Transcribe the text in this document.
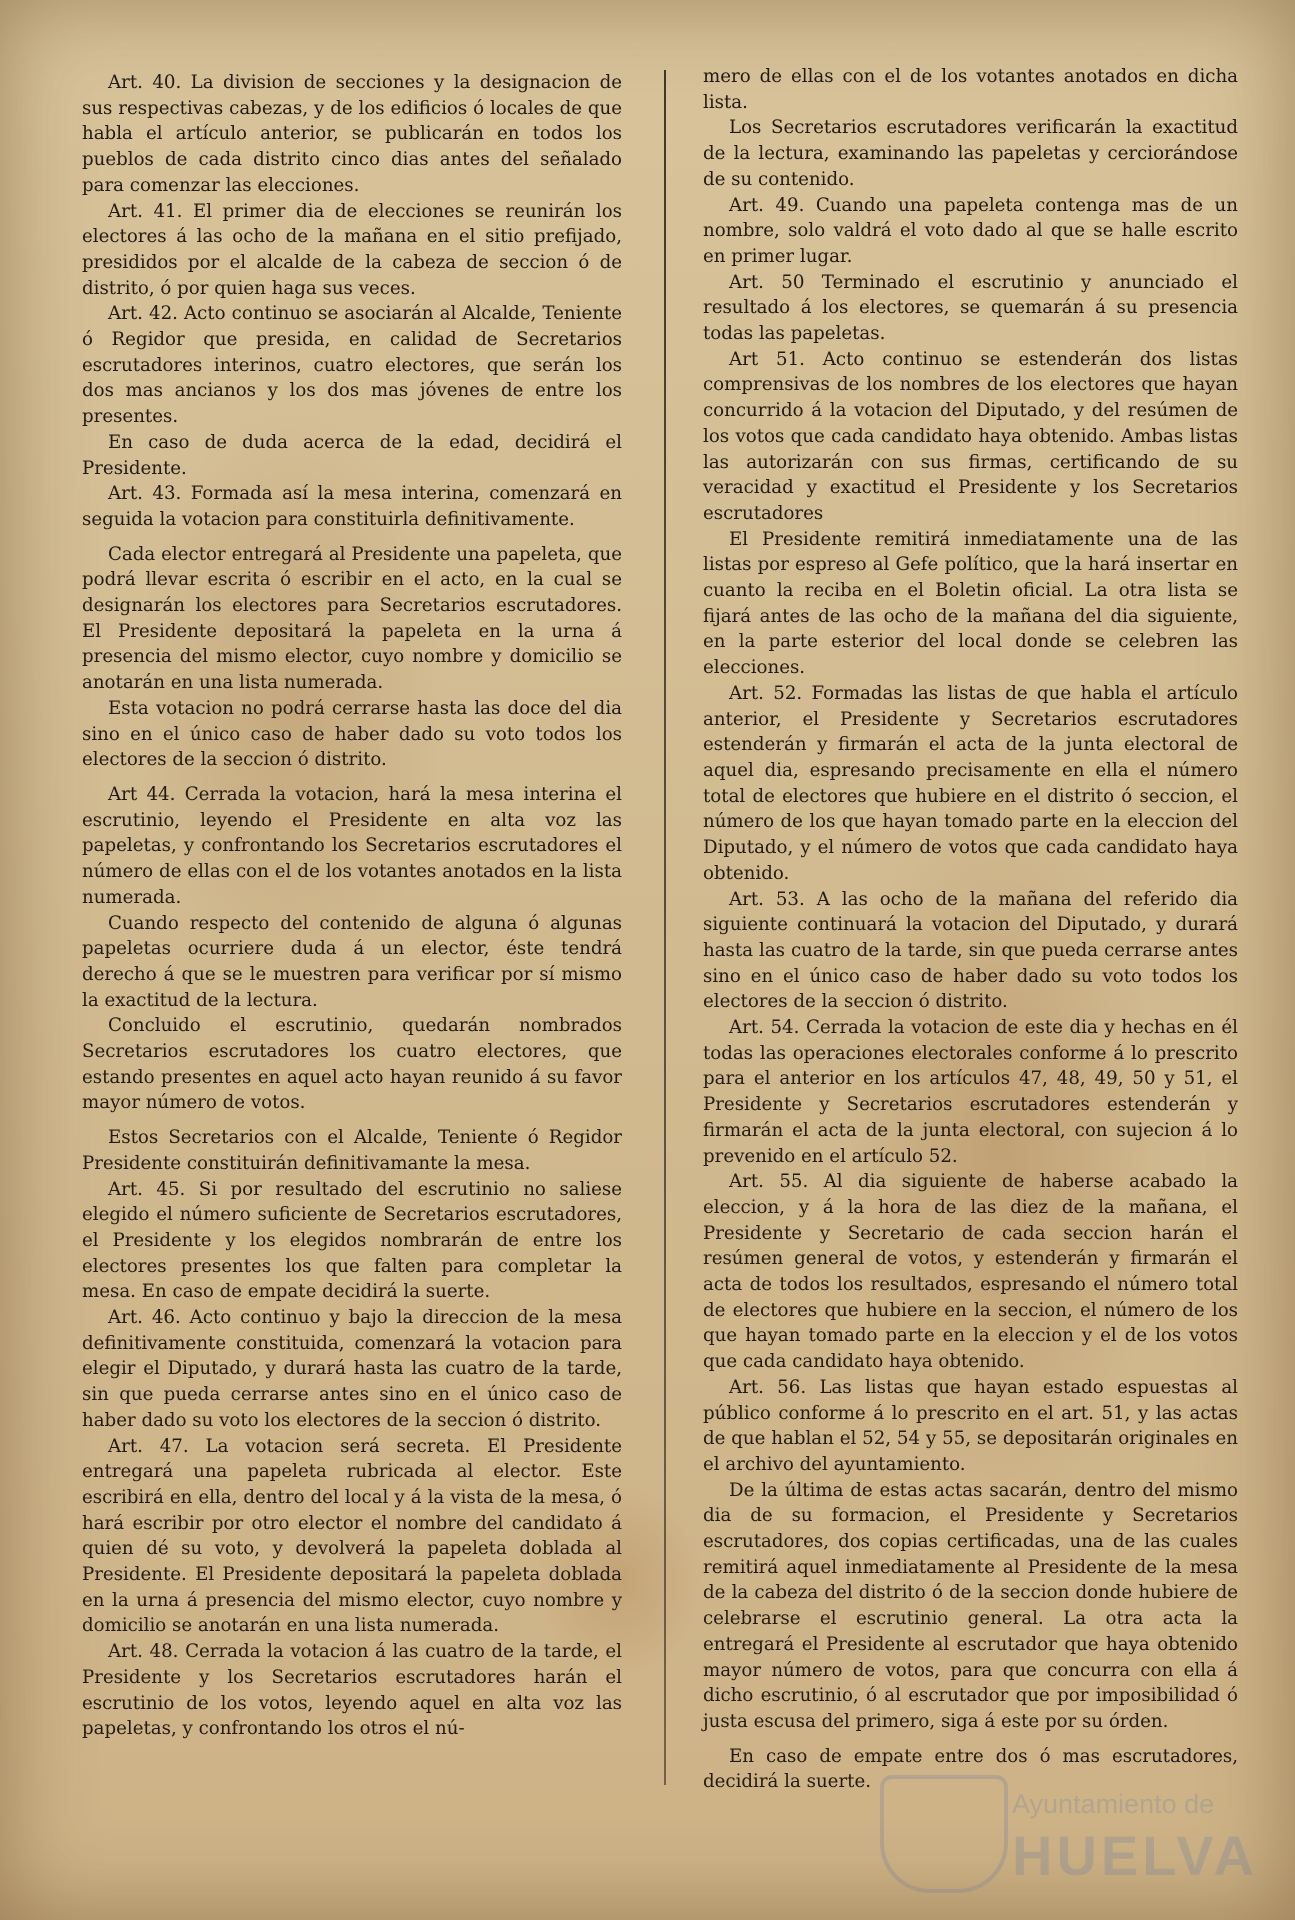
Art. 40. La division de secciones y la designacion de sus respectivas cabezas, y de los edificios ó locales de que habla el artículo anterior, se publicarán en todos los pueblos de cada distrito cinco dias antes del señalado para comenzar las elecciones.

Art. 41. El primer dia de elecciones se reunirán los electores á las ocho de la mañana en el sitio prefijado, presididos por el alcalde de la cabeza de seccion ó de distrito, ó por quien haga sus veces.

Art. 42. Acto continuo se asociarán al Alcalde, Teniente ó Regidor que presida, en calidad de Secretarios escrutadores interinos, cuatro electores, que serán los dos mas ancianos y los dos mas jóvenes de entre los presentes.

En caso de duda acerca de la edad, decidirá el Presidente.

Art. 43. Formada así la mesa interina, comenzará en seguida la votacion para constituirla definitivamente.

Cada elector entregará al Presidente una papeleta, que podrá llevar escrita ó escribir en el acto, en la cual se designarán los electores para Secretarios escrutadores. El Presidente depositará la papeleta en la urna á presencia del mismo elector, cuyo nombre y domicilio se anotarán en una lista numerada.

Esta votacion no podrá cerrarse hasta las doce del dia sino en el único caso de haber dado su voto todos los electores de la seccion ó distrito.

Art 44. Cerrada la votacion, hará la mesa interina el escrutinio, leyendo el Presidente en alta voz las papeletas, y confrontando los Secretarios escrutadores el número de ellas con el de los votantes anotados en la lista numerada.

Cuando respecto del contenido de alguna ó algunas papeletas ocurriere duda á un elector, éste tendrá derecho á que se le muestren para verificar por sí mismo la exactitud de la lectura.

Concluido el escrutinio, quedarán nombrados Secretarios escrutadores los cuatro electores, que estando presentes en aquel acto hayan reunido á su favor mayor número de votos.

Estos Secretarios con el Alcalde, Teniente ó Regidor Presidente constituirán definitivamante la mesa.

Art. 45. Si por resultado del escrutinio no saliese elegido el número suficiente de Secretarios escrutadores, el Presidente y los elegidos nombrarán de entre los electores presentes los que falten para completar la mesa. En caso de empate decidirá la suerte.

Art. 46. Acto continuo y bajo la direccion de la mesa definitivamente constituida, comenzará la votacion para elegir el Diputado, y durará hasta las cuatro de la tarde, sin que pueda cerrarse antes sino en el único caso de haber dado su voto los electores de la seccion ó distrito.

Art. 47. La votacion será secreta. El Presidente entregará una papeleta rubricada al elector. Este escribirá en ella, dentro del local y á la vista de la mesa, ó hará escribir por otro elector el nombre del candidato á quien dé su voto, y devolverá la papeleta doblada al Presidente. El Presidente depositará la papeleta doblada en la urna á presencia del mismo elector, cuyo nombre y domicilio se anotarán en una lista numerada.

Art. 48. Cerrada la votacion á las cuatro de la tarde, el Presidente y los Secretarios escrutadores harán el escrutinio de los votos, leyendo aquel en alta voz las papeletas, y confrontando los otros el nú-

mero de ellas con el de los votantes anotados en dicha lista.

Los Secretarios escrutadores verificarán la exactitud de la lectura, examinando las papeletas y cerciorándose de su contenido.

Art. 49. Cuando una papeleta contenga mas de un nombre, solo valdrá el voto dado al que se halle escrito en primer lugar.

Art. 50 Terminado el escrutinio y anunciado el resultado á los electores, se quemarán á su presencia todas las papeletas.

Art 51. Acto continuo se estenderán dos listas comprensivas de los nombres de los electores que hayan concurrido á la votacion del Diputado, y del resúmen de los votos que cada candidato haya obtenido. Ambas listas las autorizarán con sus firmas, certificando de su veracidad y exactitud el Presidente y los Secretarios escrutadores

El Presidente remitirá inmediatamente una de las listas por espreso al Gefe político, que la hará insertar en cuanto la reciba en el Boletin oficial. La otra lista se fijará antes de las ocho de la mañana del dia siguiente, en la parte esterior del local donde se celebren las elecciones.

Art. 52. Formadas las listas de que habla el artículo anterior, el Presidente y Secretarios escrutadores estenderán y firmarán el acta de la junta electoral de aquel dia, espresando precisamente en ella el número total de electores que hubiere en el distrito ó seccion, el número de los que hayan tomado parte en la eleccion del Diputado, y el número de votos que cada candidato haya obtenido.

Art. 53. A las ocho de la mañana del referido dia siguiente continuará la votacion del Diputado, y durará hasta las cuatro de la tarde, sin que pueda cerrarse antes sino en el único caso de haber dado su voto todos los electores de la seccion ó distrito.

Art. 54. Cerrada la votacion de este dia y hechas en él todas las operaciones electorales conforme á lo prescrito para el anterior en los artículos 47, 48, 49, 50 y 51, el Presidente y Secretarios escrutadores estenderán y firmarán el acta de la junta electoral, con sujecion á lo prevenido en el artículo 52.

Art. 55. Al dia siguiente de haberse acabado la eleccion, y á la hora de las diez de la mañana, el Presidente y Secretario de cada seccion harán el resúmen general de votos, y estenderán y firmarán el acta de todos los resultados, espresando el número total de electores que hubiere en la seccion, el número de los que hayan tomado parte en la eleccion y el de los votos que cada candidato haya obtenido.

Art. 56. Las listas que hayan estado espuestas al público conforme á lo prescrito en el art. 51, y las actas de que hablan el 52, 54 y 55, se depositarán originales en el archivo del ayuntamiento.

De la última de estas actas sacarán, dentro del mismo dia de su formacion, el Presidente y Secretarios escrutadores, dos copias certificadas, una de las cuales remitirá aquel inmediatamente al Presidente de la mesa de la cabeza del distrito ó de la seccion donde hubiere de celebrarse el escrutinio general. La otra acta la entregará el Presidente al escrutador que haya obtenido mayor número de votos, para que concurra con ella á dicho escrutinio, ó al escrutador que por imposibilidad ó justa escusa del primero, siga á este por su órden.

En caso de empate entre dos ó mas escrutadores, decidirá la suerte.

Ayuntamiento de
HUELVA
